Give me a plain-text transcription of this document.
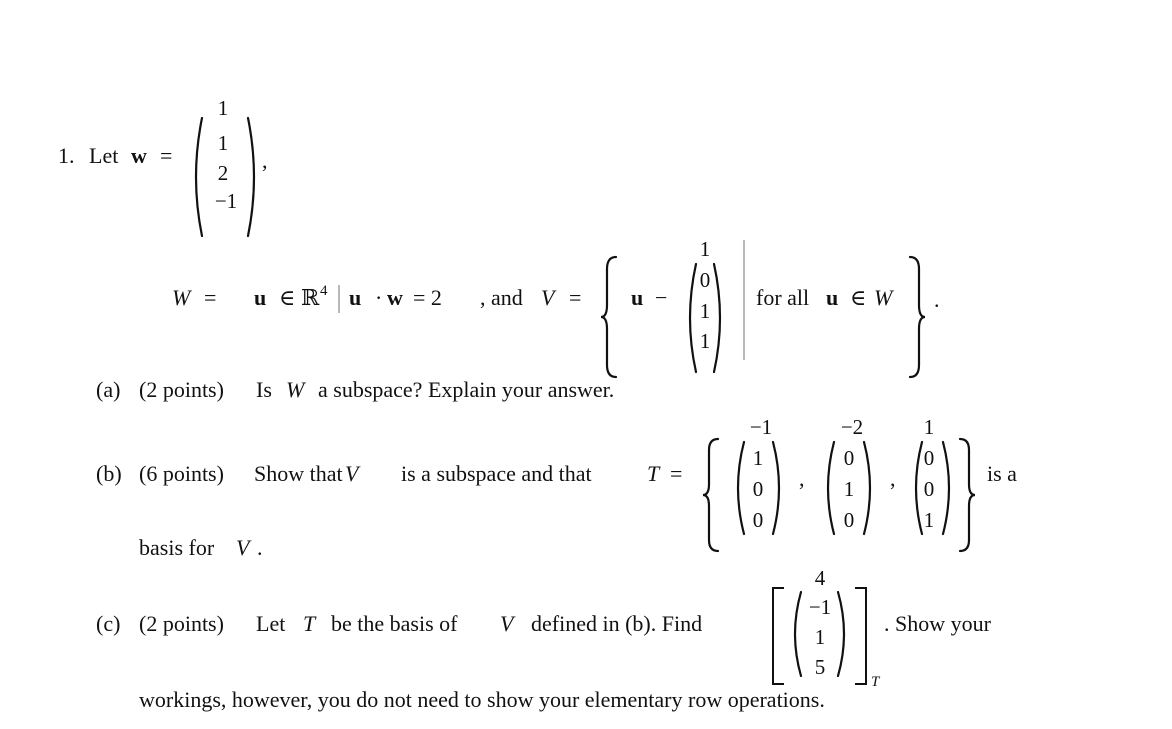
1. Let w =
1
1
2
−1
,
W = u ∈ ℝ 4 u · w = 2 , and V = u −
1
0
1
1
for all u ∈ W .
(a) (2 points) Is W a subspace? Explain your answer.
(b) (6 points) Show that V is a subspace and that	T =
−1
1
0
0
,
−2
0
1
0
,
1
0
0
1
is a
basis for V .
(c) (2 points) Let T be the basis of V defined in (b). Find
4
−1
1
5
T
. Show your
workings, however, you do not need to show your elementary row operations.
